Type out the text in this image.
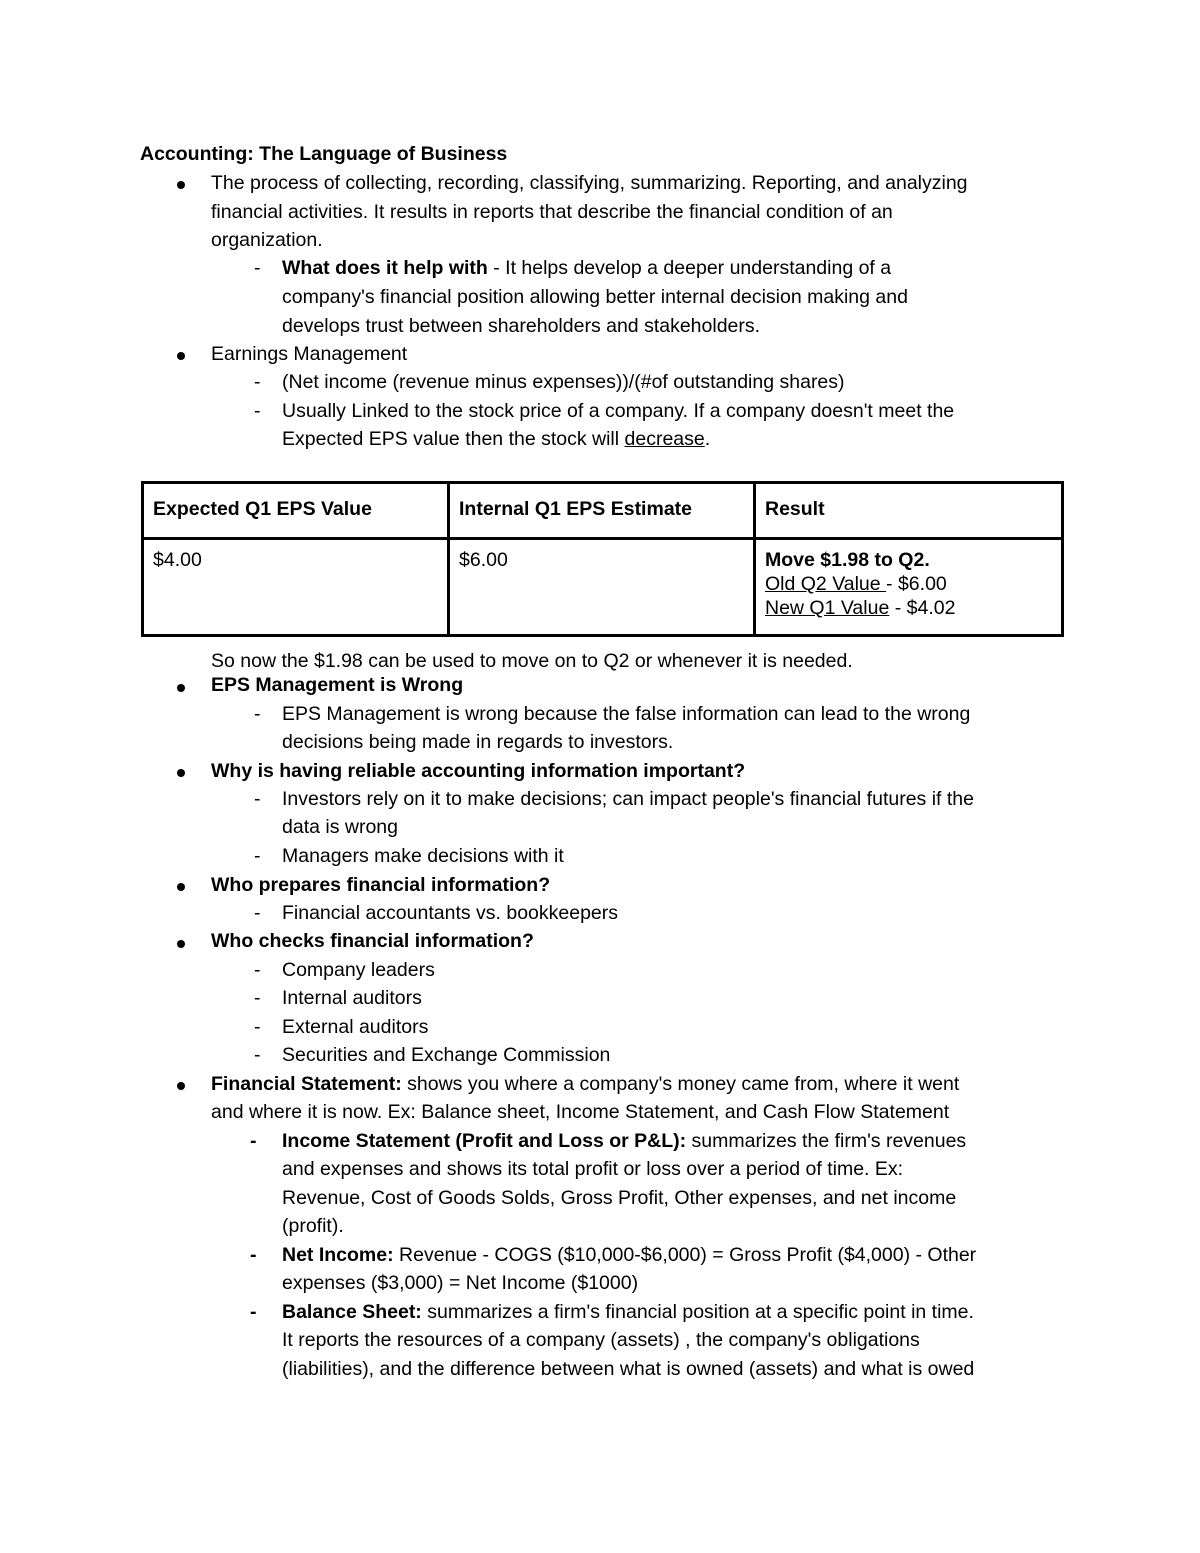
Accounting: The Language of Business
The process of collecting, recording, classifying, summarizing. Reporting, and analyzing
financial activities. It results in reports that describe the financial condition of an
organization.
- What does it help with - It helps develop a deeper understanding of a
company's financial position allowing better internal decision making and
develops trust between shareholders and stakeholders.
Earnings Management
- (Net income (revenue minus expenses))/(#of outstanding shares)
- Usually Linked to the stock price of a company. If a company doesn't meet the
Expected EPS value then the stock will decrease.
Expected Q1 EPS Value	Internal Q1 EPS Estimate	Result
$4.00	$6.00	Move $1.98 to Q2.
Old Q2 Value - $6.00
New Q1 Value - $4.02
So now the $1.98 can be used to move on to Q2 or whenever it is needed.
EPS Management is Wrong
- EPS Management is wrong because the false information can lead to the wrong
decisions being made in regards to investors.
Why is having reliable accounting information important?
- Investors rely on it to make decisions; can impact people's financial futures if the
data is wrong
- Managers make decisions with it
Who prepares financial information?
- Financial accountants vs. bookkeepers
Who checks financial information?
- Company leaders
- Internal auditors
- External auditors
- Securities and Exchange Commission
Financial Statement: shows you where a company's money came from, where it went
and where it is now. Ex: Balance sheet, Income Statement, and Cash Flow Statement
- Income Statement (Profit and Loss or P&L): summarizes the firm's revenues
and expenses and shows its total profit or loss over a period of time. Ex:
Revenue, Cost of Goods Solds, Gross Profit, Other expenses, and net income
(profit).
- Net Income: Revenue - COGS ($10,000-$6,000) = Gross Profit ($4,000) - Other
expenses ($3,000) = Net Income ($1000)
- Balance Sheet: summarizes a firm's financial position at a specific point in time.
It reports the resources of a company (assets) , the company's obligations
(liabilities), and the difference between what is owned (assets) and what is owed
